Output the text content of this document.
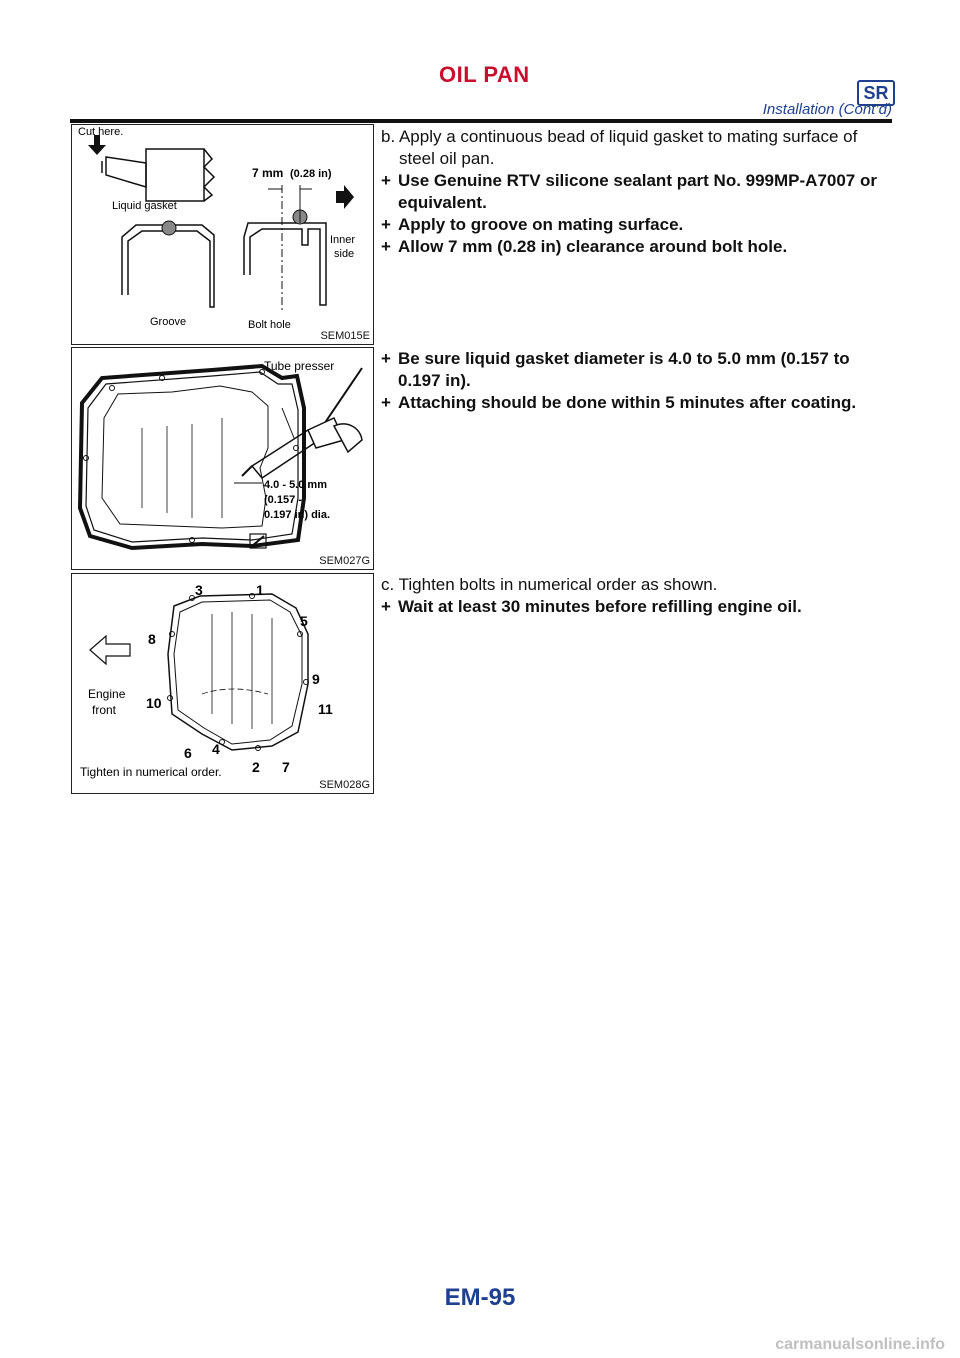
OIL PAN
SR
Installation (Cont’d)
Cut here.
Liquid gasket
Groove
7 mm (0.28 in)
Inner
side
Bolt hole
SEM015E
Tube presser
4.0 - 5.0 mm
(0.157 -
0.197 in) dia.
SEM027G
3	1
5
8
9
10	11
4
6
2 7
Engine
front
Tighten in numerical order.
SEM028G
b. Apply a continuous bead of liquid gasket to mating surface of steel oil pan.
+ Use Genuine RTV silicone sealant part No. 999MP-A7007 or equivalent.
+ Apply to groove on mating surface.
+ Allow 7 mm (0.28 in) clearance around bolt hole.
+ Be sure liquid gasket diameter is 4.0 to 5.0 mm (0.157 to 0.197 in).
+ Attaching should be done within 5 minutes after coating.
c. Tighten bolts in numerical order as shown.
+ Wait at least 30 minutes before refilling engine oil.
EM-95
carmanualsonline.info
